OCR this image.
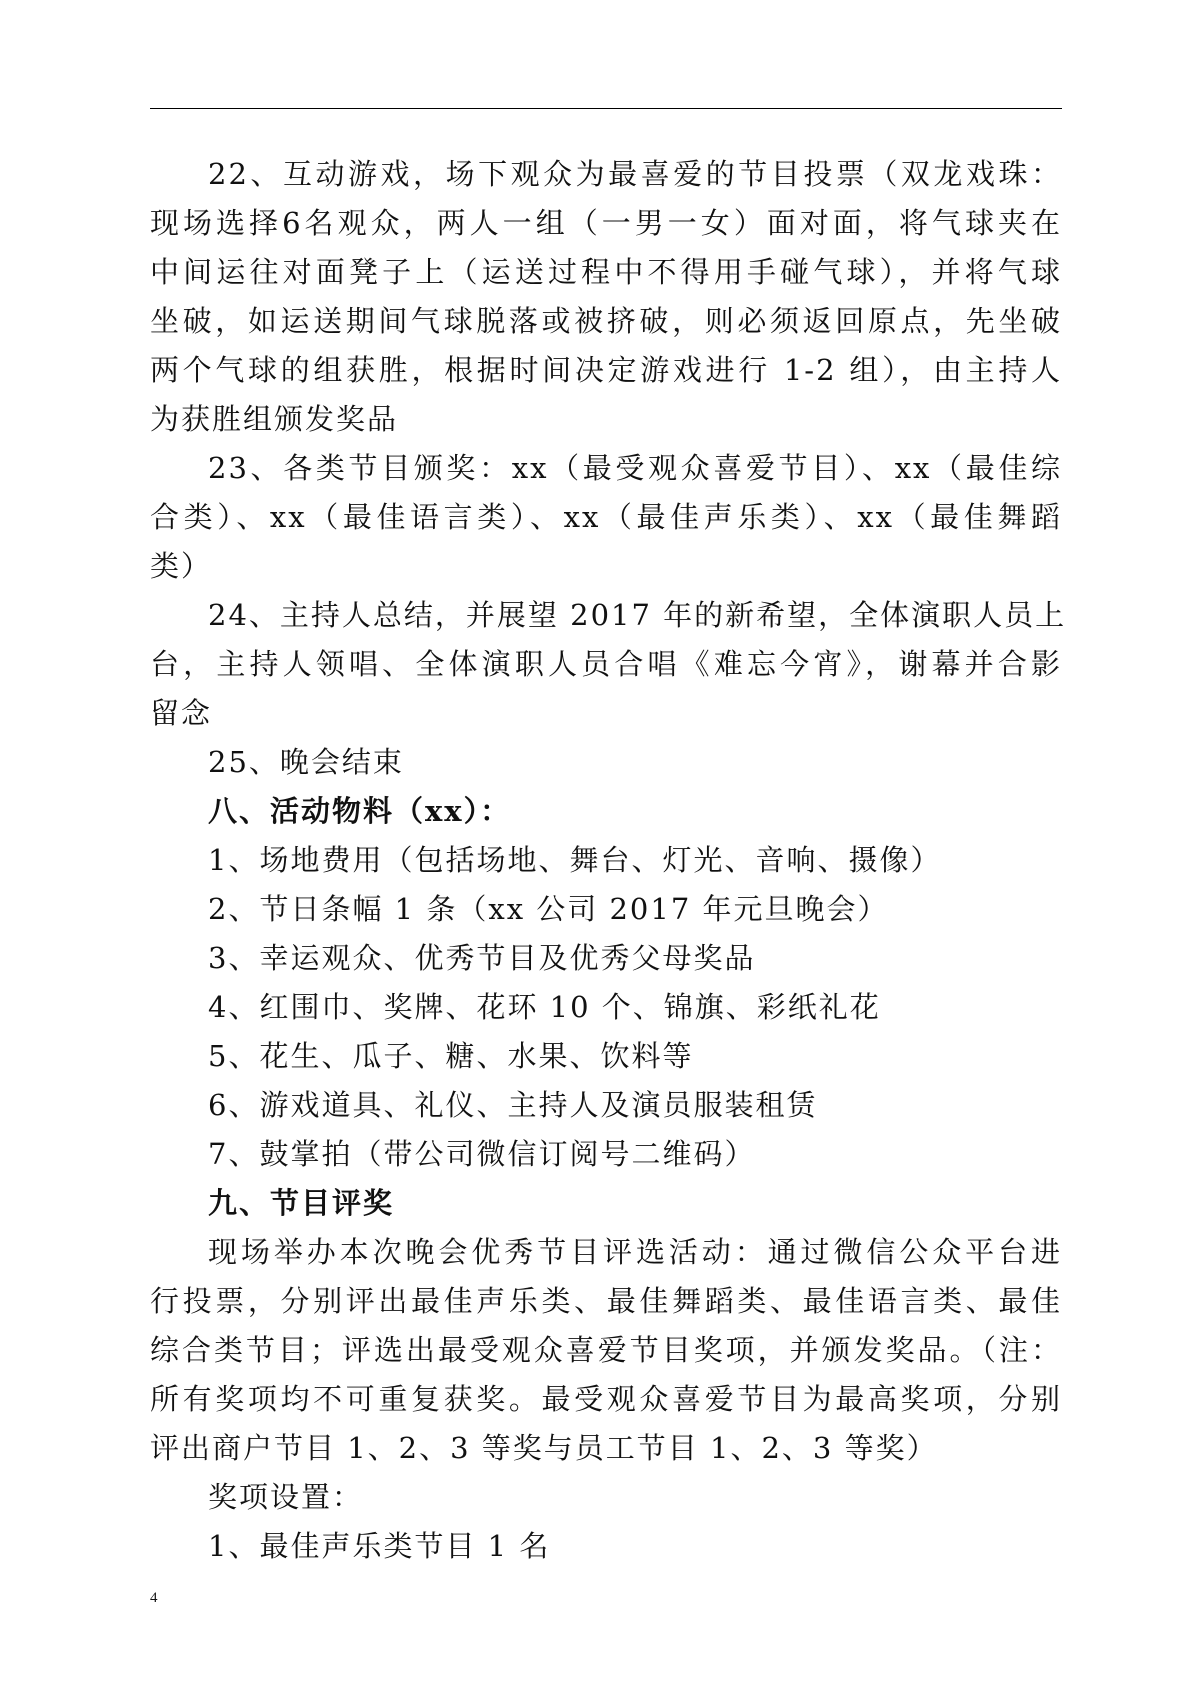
22、互动游戏，场下观众为最喜爱的节目投票（双龙戏珠：
现场选择6名观众，两人一组（一男一女）面对面，将气球夹在
中间运往对面凳子上（运送过程中不得用手碰气球），并将气球
坐破，如运送期间气球脱落或被挤破，则必须返回原点，先坐破
两个气球的组获胜，根据时间决定游戏进行 1-2 组），由主持人
为获胜组颁发奖品
23、各类节目颁奖：xx（最受观众喜爱节目）、xx（最佳综
合类）、xx（最佳语言类）、xx（最佳声乐类）、xx（最佳舞蹈
类）
24、主持人总结，并展望 2017 年的新希望，全体演职人员上
台，主持人领唱、全体演职人员合唱《难忘今宵》，谢幕并合影
留念
25、晚会结束
八、活动物料（xx）：
1、场地费用（包括场地、舞台、灯光、音响、摄像）
2、节日条幅 1 条（xx 公司 2017 年元旦晚会）
3、幸运观众、优秀节目及优秀父母奖品
4、红围巾、奖牌、花环 10 个、锦旗、彩纸礼花
5、花生、瓜子、糖、水果、饮料等
6、游戏道具、礼仪、主持人及演员服装租赁
7、鼓掌拍（带公司微信订阅号二维码）
九、节目评奖
现场举办本次晚会优秀节目评选活动：通过微信公众平台进
行投票，分别评出最佳声乐类、最佳舞蹈类、最佳语言类、最佳
综合类节目；评选出最受观众喜爱节目奖项，并颁发奖品。（注：
所有奖项均不可重复获奖。最受观众喜爱节目为最高奖项，分别
评出商户节目 1、2、3 等奖与员工节目 1、2、3 等奖）
奖项设置：
1、最佳声乐类节目 1 名
4
